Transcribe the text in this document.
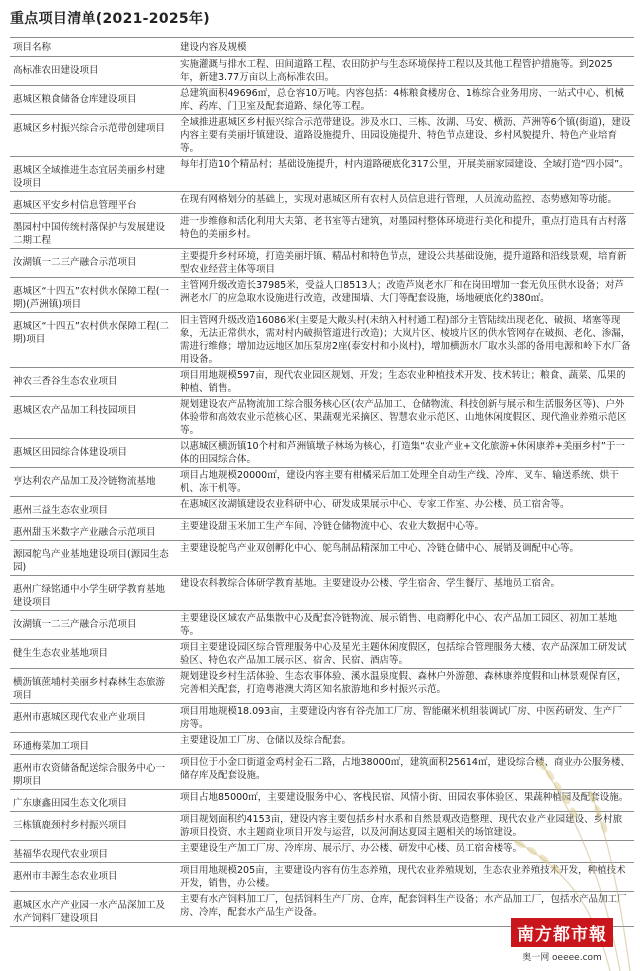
重点项目清单(2021-2025年)
项目名称	建设内容及规模
高标准农田建设项目	实施灌溉与排水工程、田间道路工程、农田防护与生态环境保持工程以及其他工程管护措施等。到2025年，新建3.77万亩以上高标准农田。
惠城区粮食储备仓库建设项目	总建筑面积49696㎡，总仓容10万吨。内容包括：4栋粮食楼房仓、1栋综合业务用房、一站式中心、机械库、药库、门卫室及配套道路、绿化等工程。
惠城区乡村振兴综合示范带创建项目	全域推进惠城区乡村振兴综合示范带建设。涉及水口、三栋、汝湖、马安、横沥、芦洲等6个镇(街道)，建设内容主要有美丽圩镇建设、道路设施提升、田园设施提升、特色节点建设、乡村风貌提升、特色产业培育等。
惠城区全域推进生态宜居美丽乡村建设项目	每年打造10个精品村；基础设施提升，村内道路硬底化317公里，开展美丽家园建设、全域打造“四小园”。
惠城区平安乡村信息管理平台	在现有网格划分的基础上，实现对惠城区所有农村人员信息进行管理，人员流动监控、态势感知等功能。
墨园村中国传统村落保护与发展建设二期工程	进一步维修和活化利用大夫第、老书室等古建筑，对墨园村整体环境进行美化和提升，重点打造具有古村落特色的美丽乡村。
汝湖镇一二三产融合示范项目	主要提升乡村环境，打造美丽圩镇、精品村和特色节点，建设公共基础设施，提升道路和沿线景观，培育新型农业经营主体等项目
惠城区“十四五”农村供水保障工程(一期)(芦洲镇)项目	主管网升级改造长37985米，受益人口8513人；改造芦岚老水厂和在岗田增加一套无负压供水设备；对芦洲老水厂的应急取水设施进行改造，改建围墙、大门等配套设施，场地硬底化约380㎡。
惠城区“十四五”农村供水保障工程(二期)项目	旧主管网升级改造16086米(主要是大敞头村(未纳入村村通工程)部分主管陆续出现老化、破损、堵塞等现象，无法正常供水，需对村内破损管道进行改造)；大岚片区、棱坡片区的供水管网存在破损、老化、渗漏，需进行维修；增加边远地区加压泵房2座(泰安村和小岚村)，增加横沥水厂取水头部的备用电源和岭下水厂备用设备。
神农三香谷生态农业项目	项目用地规模597亩，现代农业园区规划、开发；生态农业种植技术开发、技术转让；粮食、蔬菜、瓜果的种植、销售。
惠城区农产品加工科技园项目	规划建设农产品物流加工综合服务核心区(农产品加工、仓储物流、科技创新与展示和生活服务区等)、户外体验带和高效农业示范核心区、果蔬观光采摘区、智慧农业示范区、山地休闲度假区、现代渔业养殖示范区等。
惠城区田园综合体建设项目	以惠城区横沥镇10个村和芦洲镇墩子林场为核心，打造集“农业产业+文化旅游+休闲康养+美丽乡村”于一体的田园综合体。
亨达利农产品加工及冷链物流基地	项目占地规模20000㎡，建设内容主要有柑橘采后加工处理全自动生产线、冷库、叉车、输送系统、烘干机、冻干机等。
惠州三益生态农业项目	在惠城区汝湖镇建设农业科研中心、研发成果展示中心、专家工作室、办公楼、员工宿舍等。
惠州甜玉米数字产业融合示范项目	主要建设甜玉米加工生产车间、冷链仓储物流中心、农业大数据中心等。
源园鸵鸟产业基地建设项目(源园生态园)	主要建设鸵鸟产业双创孵化中心、鸵鸟制品精深加工中心、冷链仓储中心、展销及调配中心等。
惠州广绿铭通中小学生研学教育基地建设项目	建设农科教综合体研学教育基地。主要建设办公楼、学生宿舍、学生餐厅、基地员工宿舍。
汝湖镇一二三产融合示范项目	主要建设区域农产品集散中心及配套冷链物流、展示销售、电商孵化中心、农产品加工园区、初加工基地等。
健生生态农业基地项目	项目主要建设园区综合管理服务中心及星光主题休闲度假区，包括综合管理服务大楼、农产品深加工研发试验区、特色农产品加工展示区、宿舍、民宿、酒店等。
横沥镇蔗埔村美丽乡村森林生态旅游项目	规划建设乡村生活体验、生态农事体验、溪水温泉度假、森林户外游憩、森林康养度假和山林景观保育区，完善相关配套，打造粤港澳大湾区知名旅游地和乡村振兴示范。
惠州市惠城区现代农业产业项目	项目用地规模18.093亩，主要建设内容有谷壳加工厂房、智能碾米机组装调试厂房、中医药研发、生产厂房等。
环通梅菜加工项目	主要建设加工厂房、仓储以及综合配套。
惠州市农资储备配送综合服务中心一期项目	项目位于小金口街道金鸡村金石二路，占地38000㎡，建筑面积25614㎡，建设综合楼、商业办公服务楼、储存库及配套设施。
广东康鑫田园生态文化项目	项目占地85000㎡，主要建设服务中心、客栈民宿、风情小街、田园农事体验区、果蔬种植园及配套设施。
三栋镇鹿颈村乡村振兴项目	项目规划面积约4153亩，建设内容主要包括乡村水系和自然景观改造整理、现代农业产业园建设、乡村旅游项目投资、水主题商业项目开发与运营，以及河涧达夏园主题相关的场馆建设。
基福华农现代农业项目	主要建设生产加工厂房、冷库房、展示厅、办公楼、研发中心楼、员工宿舍楼等。
惠州市丰源生态农业项目	项目用地规模205亩，主要建设内容有仿生态养殖，现代农业养殖规划，生态农业养殖技术开发，种植技术开发，销售，办公楼。
惠城区水产产业园一水产品深加工及水产饲料厂建设项目	主要有水产饲料加工厂，包括饲料生产厂房、仓库，配套饲料生产设备；水产品加工厂，包括水产品加工厂房、冷库，配套水产品生产设备。
南方都市報
奥一网 oeeee.com
